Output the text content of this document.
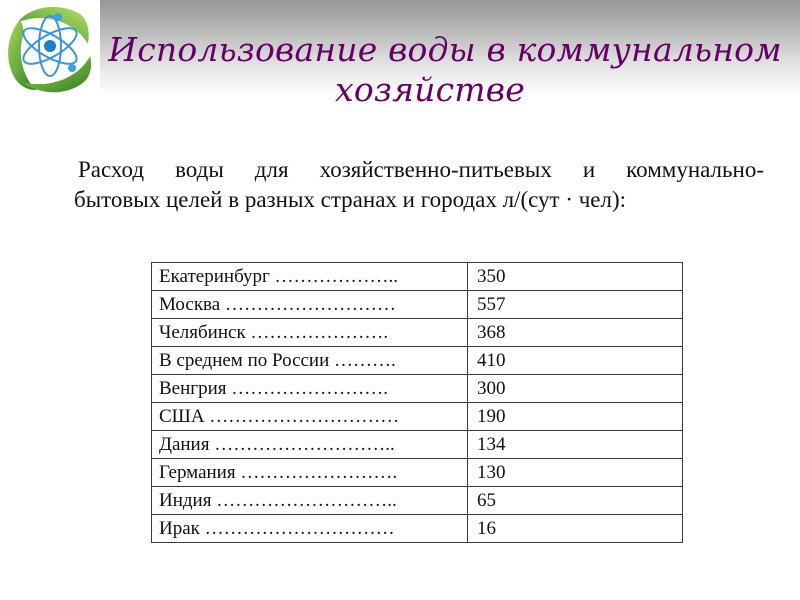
Использование воды в коммунальном
хозяйстве

Расход воды для хозяйственно-питьевых и коммунально-
бытовых целей в разных странах и городах л/(сут · чел):

Екатеринбург ………………..	350
Москва ………………………	557
Челябинск ………………….	368
В среднем по России ……….	410
Венгрия …………………….	300
США …………………………	190
Дания ………………………..	134
Германия …………………….	130
Индия ………………………..	65
Ирак …………………………	16
